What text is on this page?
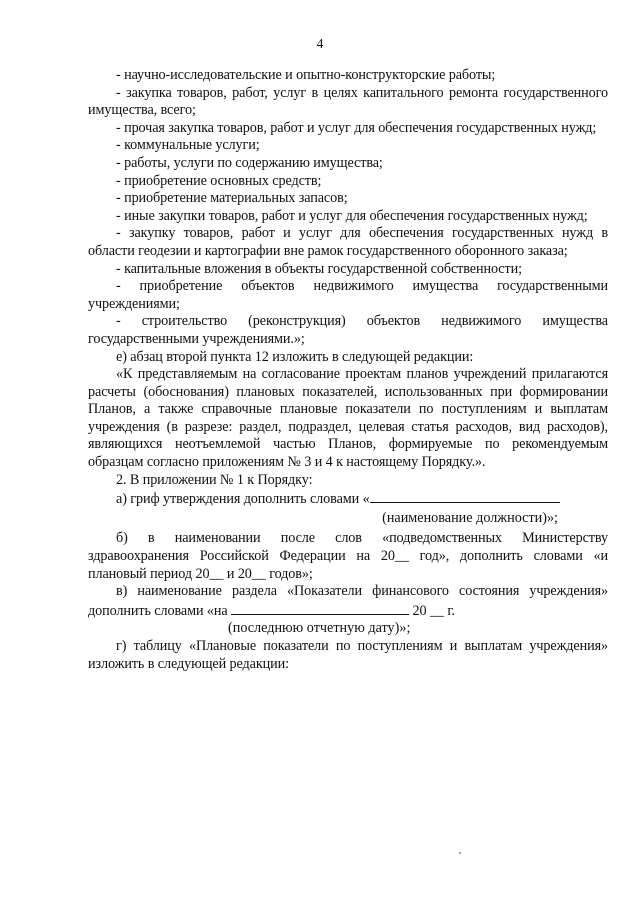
4

- научно-исследовательские и опытно-конструкторские работы;

- закупка товаров, работ, услуг в целях капитального ремонта государственного имущества, всего;

- прочая закупка товаров, работ и услуг для обеспечения государственных нужд;

- коммунальные услуги;

- работы, услуги по содержанию имущества;

- приобретение основных средств;

- приобретение материальных запасов;

- иные закупки товаров, работ и услуг для обеспечения государственных нужд;

- закупку товаров, работ и услуг для обеспечения государственных нужд в области геодезии и картографии вне рамок государственного оборонного заказа;

- капитальные вложения в объекты государственной собственности;

- приобретение объектов недвижимого имущества государственными учреждениями;

- строительство (реконструкция) объектов недвижимого имущества государственными учреждениями.»;

е) абзац второй пункта 12 изложить в следующей редакции:

«К представляемым на согласование проектам планов учреждений прилагаются расчеты (обоснования) плановых показателей, использованных при формировании Планов, а также справочные плановые показатели по поступлениям и выплатам учреждения (в разрезе: раздел, подраздел, целевая статья расходов, вид расходов), являющихся неотъемлемой частью Планов, формируемые по рекомендуемым образцам согласно приложениям № 3 и 4 к настоящему Порядку.».

2. В приложении № 1 к Порядку:

а) гриф утверждения дополнить словами «

(наименование должности)»;

б) в наименовании после слов «подведомственных Министерству здравоохранения Российской Федерации на 20__ год», дополнить словами «и плановый период 20__ и 20__ годов»;

в) наименование раздела «Показатели финансового состояния учреждения» дополнить словами «на	20 __ г.

(последнюю отчетную дату)»;

г) таблицу «Плановые показатели по поступлениям и выплатам учреждения» изложить в следующей редакции:
